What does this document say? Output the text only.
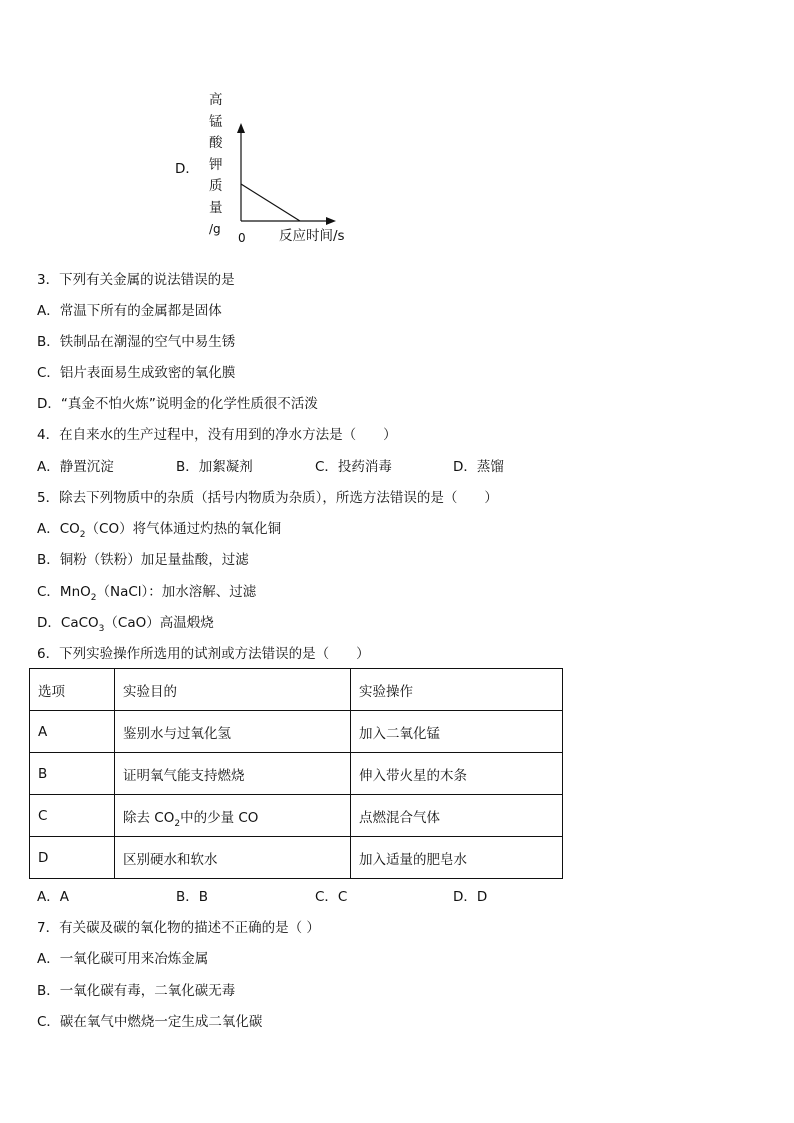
D．
高
锰
酸
钾
质
量
/g
0 反应时间/s
3．下列有关金属的说法错误的是
A．常温下所有的金属都是固体
B．铁制品在潮湿的空气中易生锈
C．铝片表面易生成致密的氧化膜
D．“真金不怕火炼”说明金的化学性质很不活泼
4．在自来水的生产过程中，没有用到的净水方法是（　　）
A．静置沉淀	B．加絮凝剂	C．投药消毒	D．蒸馏
5．除去下列物质中的杂质（括号内物质为杂质），所选方法错误的是（　　）
A．$CO_2(CO)$将气体通过灼热的氧化铜
B．铜粉（铁粉）加足量盐酸，过滤
C．MnO$_2$（NaCl）：加水溶解、过滤
D．CaCO$_3$（CaO）高温煅烧
6．下列实验操作所选用的试剂或方法错误的是（　　）
选项	实验目的	实验操作
A	鉴别水与过氧化氢	加入二氧化锰
B	证明氧气能支持燃烧	伸入带火星的木条
C	除去 $CO_2$中的少量 CO	点燃混合气体
D	区别硬水和软水	加入适量的肥皂水
A．A	B．B	C．C	D．D
7．有关碳及碳的氧化物的描述不正确的是（ ）
A．一氧化碳可用来冶炼金属
B．一氧化碳有毒，二氧化碳无毒
C．碳在氧气中燃烧一定生成二氧化碳
